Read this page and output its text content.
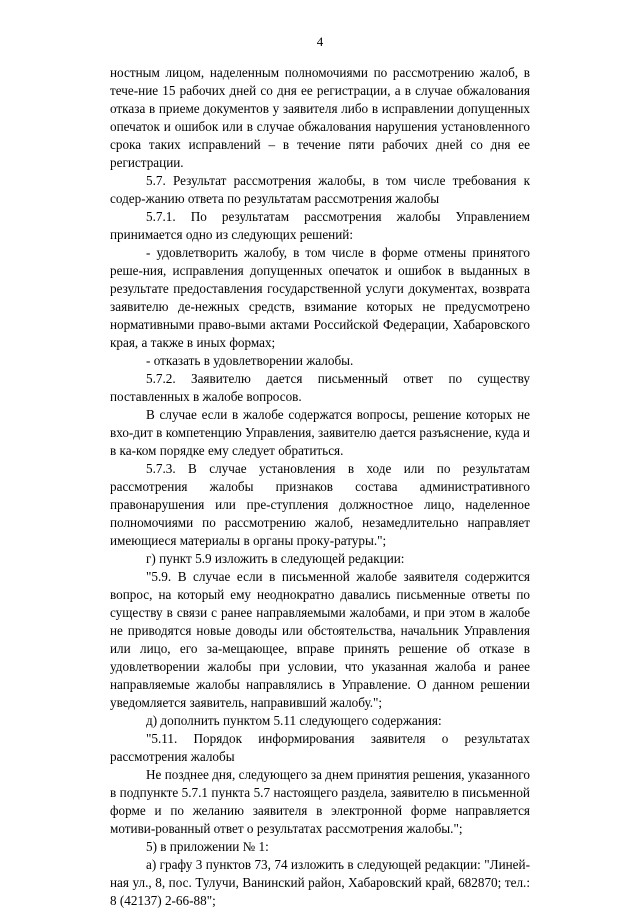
4

ностным лицом, наделенным полномочиями по рассмотрению жалоб, в тече-ние 15 рабочих дней со дня ее регистрации, а в случае обжалования отказа в приеме документов у заявителя либо в исправлении допущенных опечаток и ошибок или в случае обжалования нарушения установленного срока таких исправлений – в течение пяти рабочих дней со дня ее регистрации.

5.7. Результат рассмотрения жалобы, в том числе требования к содер-жанию ответа по результатам рассмотрения жалобы

5.7.1. По результатам рассмотрения жалобы Управлением принимается одно из следующих решений:

- удовлетворить жалобу, в том числе в форме отмены принятого реше-ния, исправления допущенных опечаток и ошибок в выданных в результате предоставления государственной услуги документах, возврата заявителю де-нежных средств, взимание которых не предусмотрено нормативными право-выми актами Российской Федерации, Хабаровского края, а также в иных формах;

- отказать в удовлетворении жалобы.

5.7.2. Заявителю дается письменный ответ по существу поставленных в жалобе вопросов.

В случае если в жалобе содержатся вопросы, решение которых не вхо-дит в компетенцию Управления, заявителю дается разъяснение, куда и в ка-ком порядке ему следует обратиться.

5.7.3. В случае установления в ходе или по результатам рассмотрения жалобы признаков состава административного правонарушения или пре-ступления должностное лицо, наделенное полномочиями по рассмотрению жалоб, незамедлительно направляет имеющиеся материалы в органы проку-ратуры.";

г) пункт 5.9 изложить в следующей редакции:

"5.9. В случае если в письменной жалобе заявителя содержится вопрос, на который ему неоднократно давались письменные ответы по существу в связи с ранее направляемыми жалобами, и при этом в жалобе не приводятся новые доводы или обстоятельства, начальник Управления или лицо, его за-мещающее, вправе принять решение об отказе в удовлетворении жалобы при условии, что указанная жалоба и ранее направляемые жалобы направлялись в Управление. О данном решении уведомляется заявитель, направивший жалобу.";

д) дополнить пунктом 5.11 следующего содержания:

"5.11. Порядок информирования заявителя о результатах рассмотрения жалобы

Не позднее дня, следующего за днем принятия решения, указанного в подпункте 5.7.1 пункта 5.7 настоящего раздела, заявителю в письменной форме и по желанию заявителя в электронной форме направляется мотиви-рованный ответ о результатах рассмотрения жалобы.";

5) в приложении № 1:

а) графу 3 пунктов 73, 74 изложить в следующей редакции: "Линей-ная ул., 8, пос. Тулучи, Ванинский район, Хабаровский край, 682870; тел.: 8 (42137) 2-66-88";
